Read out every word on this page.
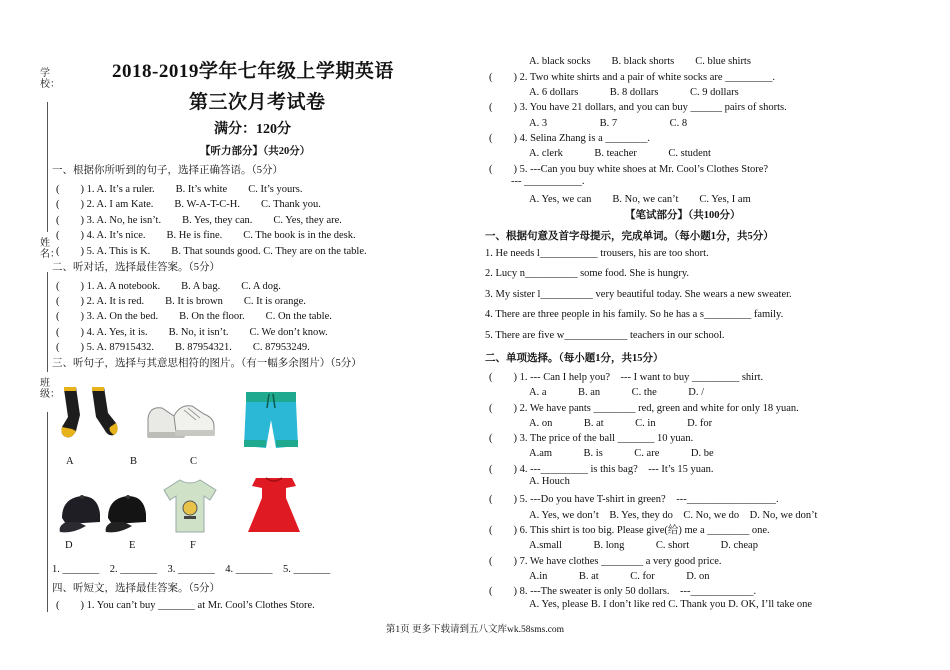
学校：
姓名：
班级：
2018-2019学年七年级上学期英语
第三次月考试卷
满分：120分
【听力部分】（共20分）
一、根据你所听到的句子，选择正确答语。（5分）
(　　) 1. A. It’s a ruler.　　B. It’s white　　C. It’s yours.
(　　) 2. A. I am Kate.　　B. W-A-T-C-H.　　C. Thank you.
(　　) 3. A. No, he isn’t.　　B. Yes, they can.　　C. Yes, they are.
(　　) 4. A. It’s nice.　　B. He is fine.　　C. The book is in the desk.
(　　) 5. A. This is K.　　B. That sounds good. C. They are on the table.
二、听对话，选择最佳答案。（5分）
(　　) 1. A. A notebook.　　B. A bag.　　C. A dog.
(　　) 2. A. It is red.　　B. It is brown　　C. It is orange.
(　　) 3. A. On the bed.　　B. On the floor.　　C. On the table.
(　　) 4. A. Yes, it is.　　B. No, it isn’t.　　C. We don’t know.
(　　) 5. A. 87915432.　　B. 87954321.　　C. 87953249.
三、听句子，选择与其意思相符的图片。（有一幅多余图片）（5分）
A	B	C
D	E	F
1. _______　2. _______　3. _______　4. _______　5. _______
四、听短文，选择最佳答案。（5分）
(　　) 1. You can’t buy _______ at Mr. Cool’s Clothes Store.
A. black socks　　B. black shorts　　C. blue shirts
(　　) 2. Two white shirts and a pair of white socks are _________.
A. 6 dollars　　　B. 8 dollars　　　C. 9 dollars
(　　) 3. You have 21 dollars, and you can buy ______ pairs of shorts.
A. 3　　　　　B. 7　　　　　C. 8
(　　) 4. Selina Zhang is a ________.
A. clerk　　　B. teacher　　　C. student
(　　) 5. ---Can you buy white shoes at Mr. Cool’s Clothes Store?
--- ___________.
A. Yes, we can　　B. No, we can’t　　C. Yes, I am
【笔试部分】（共100分）
一、根据句意及首字母提示，完成单词。（每小题1分，共5分）
1. He needs l___________ trousers, his are too short.
2. Lucy n__________ some food. She is hungry.
3. My sister l__________ very beautiful today. She wears a new sweater.
4. There are three people in his family. So he has a s_________ family.
5. There are five w____________ teachers in our school.
二、单项选择。（每小题1分，共15分）
(　　) 1. --- Can I help you?　--- I want to buy _________ shirt.
A. a　　　B. an　　　C. the　　　D. /
(　　) 2. We have pants ________ red, green and white for only 18 yuan.
A. on　　　B. at　　　C. in　　　D. for
(　　) 3. The price of the ball _______ 10 yuan.
A.am　　　B. is　　　C. are　　　D. be
(　　) 4. ---_________ is this bag?　--- It’s 15 yuan.
A. Houch
(　　) 5. ---Do you have T-shirt in green?　---_________________.
A. Yes, we don’t　B. Yes, they do　C. No, we do　D. No, we don’t
(　　) 6. This shirt is too big. Please give(给) me a ________ one.
A.small　　　B. long　　　C. short　　　D. cheap
(　　) 7. We have clothes ________ a very good price.
A.in　　　B. at　　　C. for　　　D. on
(　　) 8. ---The sweater is only 50 dollars.　---____________.
A. Yes, please B. I don’t like red C. Thank you D. OK, I’ll take one
第1页 更多下载请到五八文库wk.58sms.com
